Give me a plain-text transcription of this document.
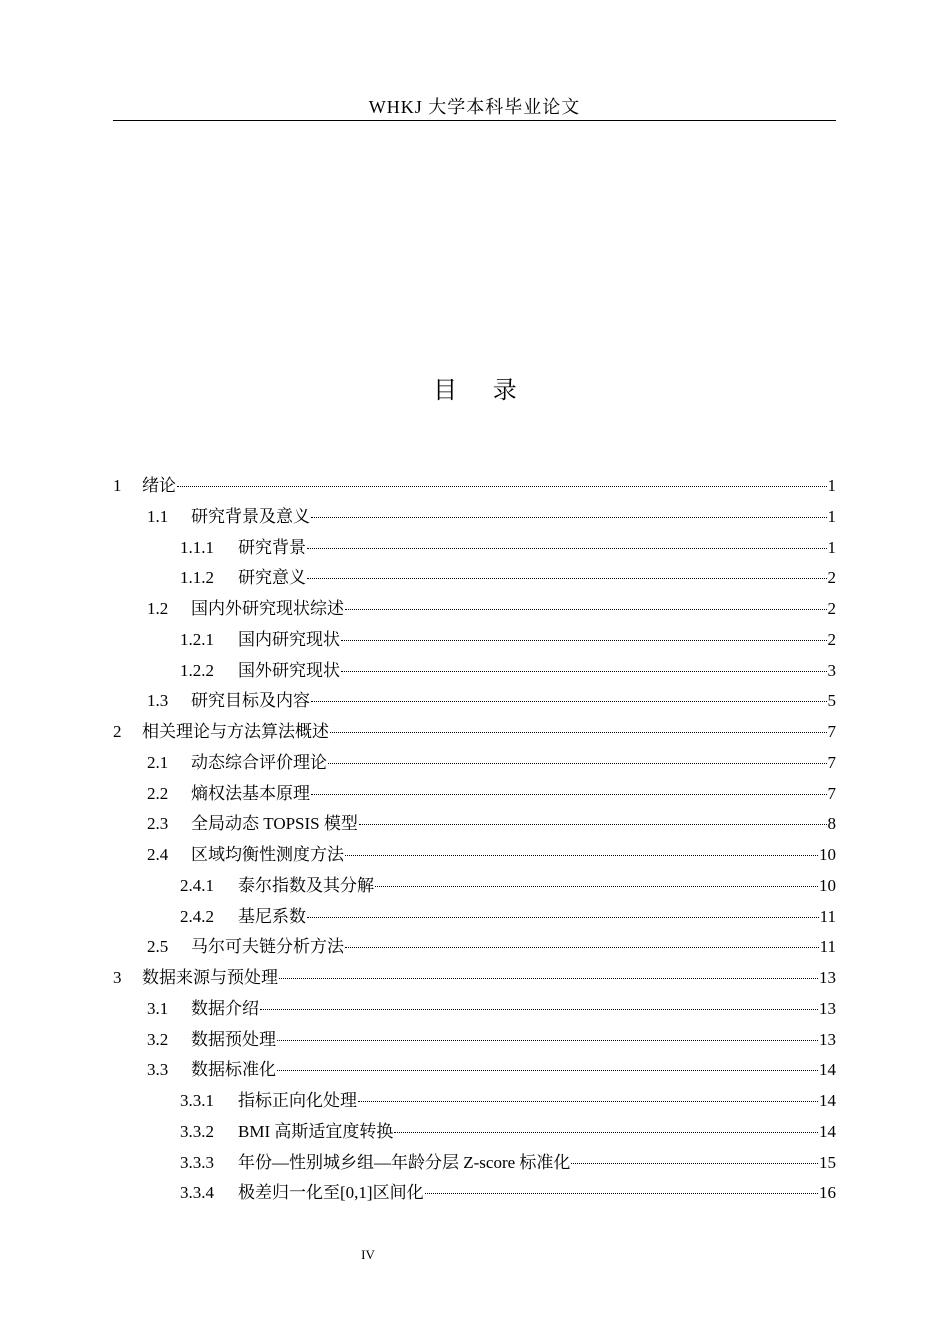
WHKJ 大学本科毕业论文
目 录
1	绪论	1
1.1	研究背景及意义	1
1.1.1	研究背景	1
1.1.2	研究意义	2
1.2	国内外研究现状综述	2
1.2.1	国内研究现状	2
1.2.2	国外研究现状	3
1.3	研究目标及内容	5
2	相关理论与方法算法概述	7
2.1	动态综合评价理论	7
2.2	熵权法基本原理	7
2.3	全局动态 TOPSIS 模型	8
2.4	区域均衡性测度方法	10
2.4.1	泰尔指数及其分解	10
2.4.2	基尼系数	11
2.5	马尔可夫链分析方法	11
3	数据来源与预处理	13
3.1	数据介绍	13
3.2	数据预处理	13
3.3	数据标准化	14
3.3.1	指标正向化处理	14
3.3.2	BMI 高斯适宜度转换	14
3.3.3	年份—性别城乡组—年龄分层 Z-score 标准化	15
3.3.4	极差归一化至[0,1]区间化	16
IV
